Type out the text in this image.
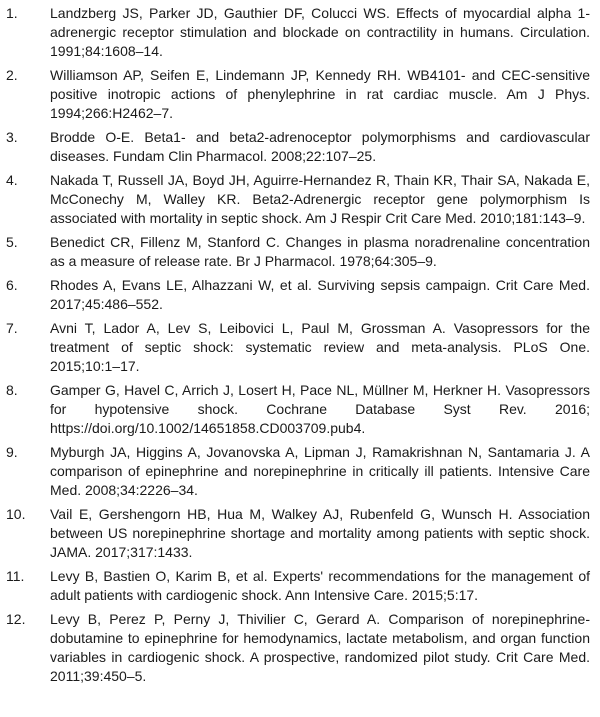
1.	Landzberg JS, Parker JD, Gauthier DF, Colucci WS. Effects of myocardial alpha 1-adrenergic receptor stimulation and blockade on contractility in humans. Circulation. 1991;84:1608–14.
2.	Williamson AP, Seifen E, Lindemann JP, Kennedy RH. WB4101- and CEC-sensitive positive inotropic actions of phenylephrine in rat cardiac muscle. Am J Phys. 1994;266:H2462–7.
3.	Brodde O-E. Beta1- and beta2-adrenoceptor polymorphisms and cardiovascular diseases. Fundam Clin Pharmacol. 2008;22:107–25.
4.	Nakada T, Russell JA, Boyd JH, Aguirre-Hernandez R, Thain KR, Thair SA, Nakada E, McConechy M, Walley KR. Beta2-Adrenergic receptor gene polymorphism Is associated with mortality in septic shock. Am J Respir Crit Care Med. 2010;181:143–9.
5.	Benedict CR, Fillenz M, Stanford C. Changes in plasma noradrenaline concentration as a measure of release rate. Br J Pharmacol. 1978;64:305–9.
6.	Rhodes A, Evans LE, Alhazzani W, et al. Surviving sepsis campaign. Crit Care Med. 2017;45:486–552.
7.	Avni T, Lador A, Lev S, Leibovici L, Paul M, Grossman A. Vasopressors for the treatment of septic shock: systematic review and meta-analysis. PLoS One. 2015;10:1–17.
8.	Gamper G, Havel C, Arrich J, Losert H, Pace NL, Müllner M, Herkner H. Vasopressors for hypotensive shock. Cochrane Database Syst Rev. 2016; https://doi.org/10.1002/14651858.CD003709.pub4.
9.	Myburgh JA, Higgins A, Jovanovska A, Lipman J, Ramakrishnan N, Santamaria J. A comparison of epinephrine and norepinephrine in critically ill patients. Intensive Care Med. 2008;34:2226–34.
10.	Vail E, Gershengorn HB, Hua M, Walkey AJ, Rubenfeld G, Wunsch H. Association between US norepinephrine shortage and mortality among patients with septic shock. JAMA. 2017;317:1433.
11.	Levy B, Bastien O, Karim B, et al. Experts' recommendations for the management of adult patients with cardiogenic shock. Ann Intensive Care. 2015;5:17.
12.	Levy B, Perez P, Perny J, Thivilier C, Gerard A. Comparison of norepinephrine-dobutamine to epinephrine for hemodynamics, lactate metabolism, and organ function variables in cardiogenic shock. A prospective, randomized pilot study. Crit Care Med. 2011;39:450–5.
